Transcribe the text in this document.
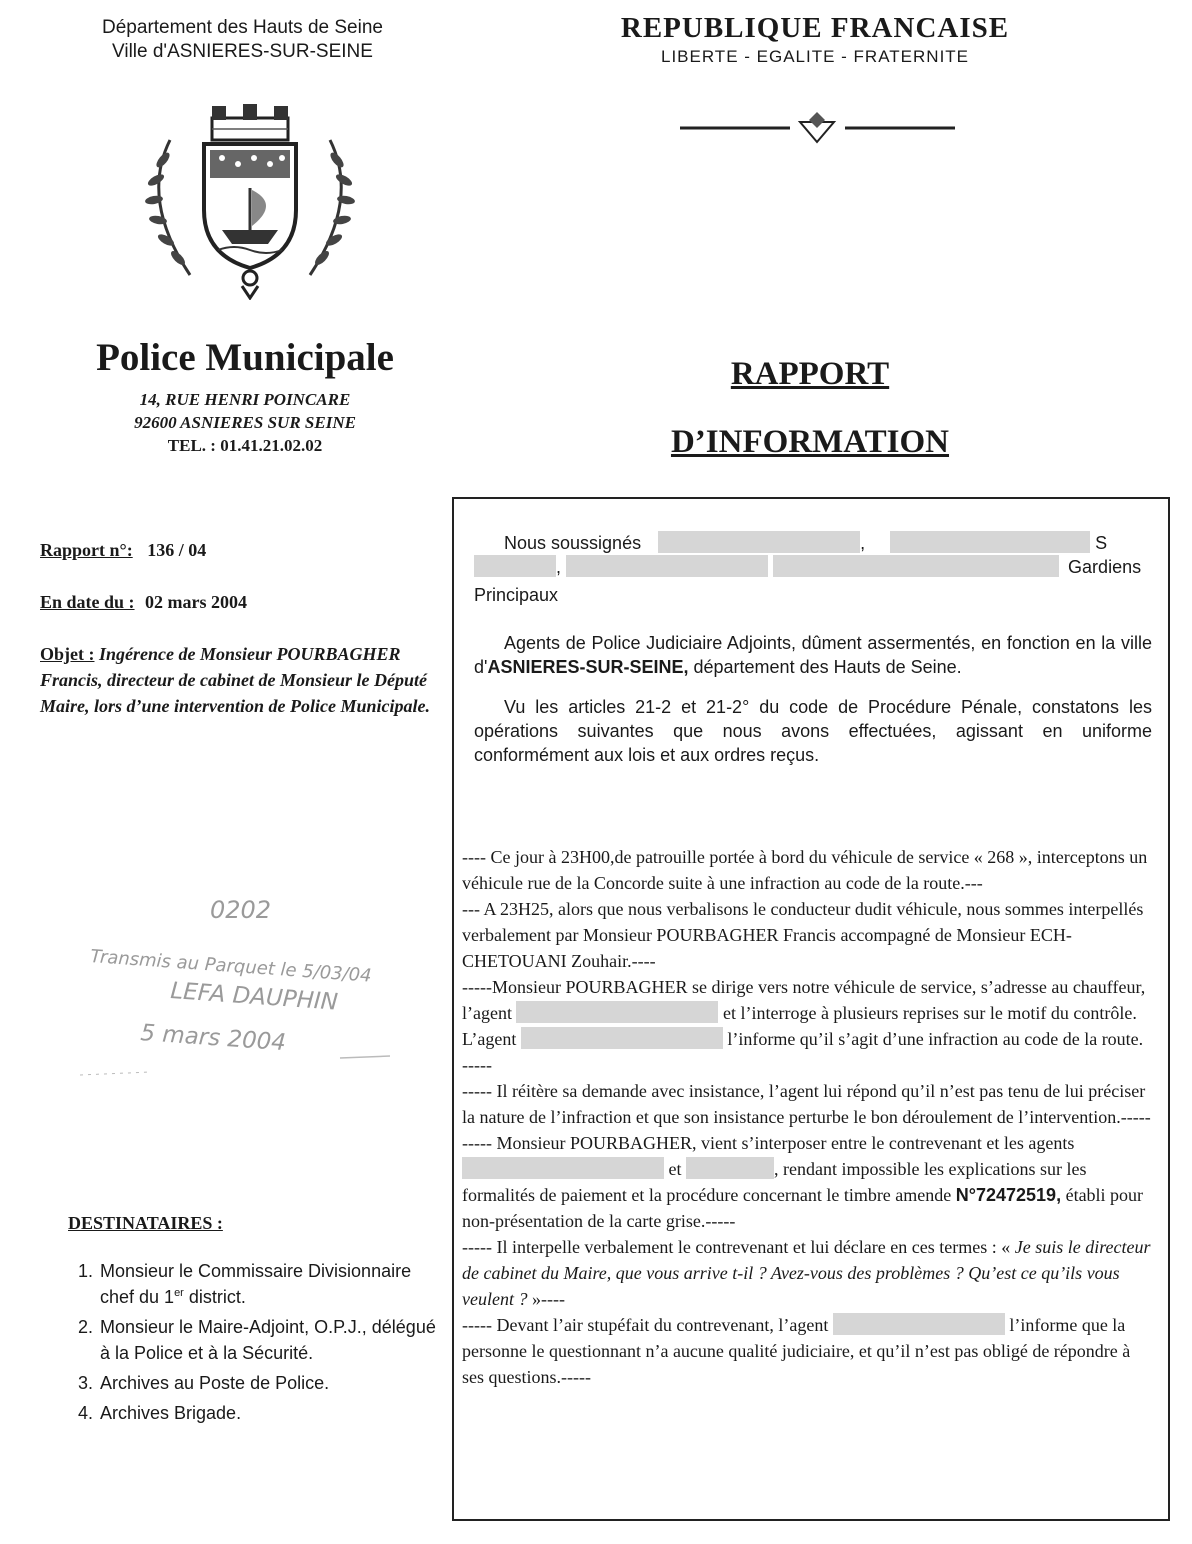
Département des Hauts de Seine
Ville d'ASNIERES-SUR-SEINE
REPUBLIQUE FRANCAISE
LIBERTE - EGALITE - FRATERNITE
Police Municipale
14, RUE HENRI POINCARE
92600 ASNIERES SUR SEINE
TEL. : 01.41.21.02.02
RAPPORT
D’INFORMATION
Rapport n°: 136 / 04
En date du : 02 mars 2004
Objet : Ingérence de Monsieur POURBAGHER Francis, directeur de cabinet de Monsieur le Député Maire, lors d’une intervention de Police Municipale.
0202
Transmis au Parquet le 5/03/04
LEFA DAUPHIN
5 mars 2004
DESTINATAIRES :
1. Monsieur le Commissaire Divisionnaire chef du 1er district.
2. Monsieur le Maire-Adjoint, O.P.J., délégué à la Police et à la Sécurité.
3. Archives au Poste de Police.
4. Archives Brigade.

Nous soussignés	,	S

,	Gardiens

Principaux

Agents de Police Judiciaire Adjoints, dûment assermentés, en fonction en la ville d'ASNIERES-SUR-SEINE, département des Hauts de Seine.

Vu les articles 21-2 et 21-2° du code de Procédure Pénale, constatons les opérations suivantes que nous avons effectuées, agissant en uniforme conformément aux lois et aux ordres reçus.

---- Ce jour à 23H00,de patrouille portée à bord du véhicule de service « 268 », interceptons un véhicule rue de la Concorde suite à une infraction au code de la route.---

--- A 23H25, alors que nous verbalisons le conducteur dudit véhicule, nous sommes interpellés verbalement par Monsieur POURBAGHER Francis accompagné de Monsieur ECH-CHETOUANI Zouhair.----

-----Monsieur POURBAGHER se dirige vers notre véhicule de service, s’adresse au chauffeur, l’agent	et l’interroge à plusieurs reprises sur le motif du contrôle. L’agent	l’informe qu’il s’agit d’une infraction au code de la route. -----

----- Il réitère sa demande avec insistance, l’agent lui répond qu’il n’est pas tenu de lui préciser la nature de l’infraction et que son insistance perturbe le bon déroulement de l’intervention.-----

----- Monsieur POURBAGHER, vient s’interposer entre le contrevenant et les agents  et	, rendant impossible les explications sur les formalités de paiement et la procédure concernant le timbre amende N°72472519, établi pour non-présentation de la carte grise.-----

----- Il interpelle verbalement le contrevenant et lui déclare en ces termes : « Je suis le directeur de cabinet du Maire, que vous arrive t-il ? Avez-vous des problèmes ? Qu’est ce qu’ils vous veulent ? »----

----- Devant l’air stupéfait du contrevenant, l’agent	l’informe que la personne le questionnant n’a aucune qualité judiciaire, et qu’il n’est pas obligé de répondre à ses questions.-----
